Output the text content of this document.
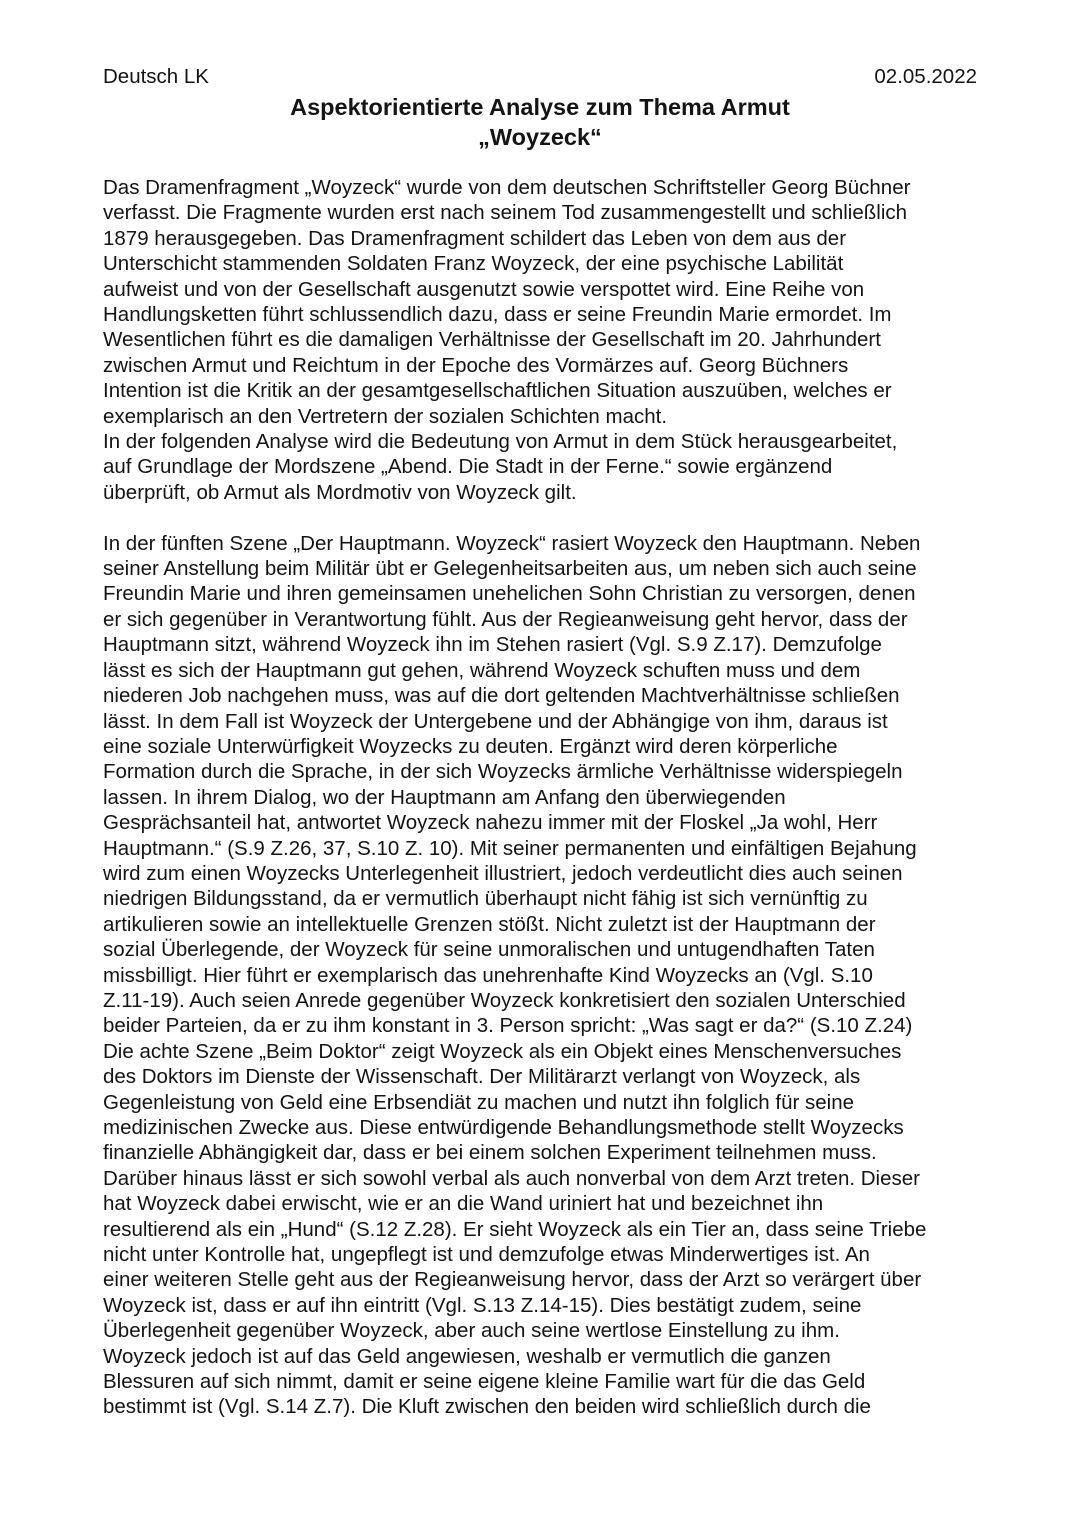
Deutsch LK	02.05.2022
Aspektorientierte Analyse zum Thema Armut
„Woyzeck“
Das Dramenfragment „Woyzeck“ wurde von dem deutschen Schriftsteller Georg Büchner
verfasst. Die Fragmente wurden erst nach seinem Tod zusammengestellt und schließlich
1879 herausgegeben. Das Dramenfragment schildert das Leben von dem aus der
Unterschicht stammenden Soldaten Franz Woyzeck, der eine psychische Labilität
aufweist und von der Gesellschaft ausgenutzt sowie verspottet wird. Eine Reihe von
Handlungsketten führt schlussendlich dazu, dass er seine Freundin Marie ermordet. Im
Wesentlichen führt es die damaligen Verhältnisse der Gesellschaft im 20. Jahrhundert
zwischen Armut und Reichtum in der Epoche des Vormärzes auf. Georg Büchners
Intention ist die Kritik an der gesamtgesellschaftlichen Situation auszuüben, welches er
exemplarisch an den Vertretern der sozialen Schichten macht.
In der folgenden Analyse wird die Bedeutung von Armut in dem Stück herausgearbeitet,
auf Grundlage der Mordszene „Abend. Die Stadt in der Ferne.“ sowie ergänzend
überprüft, ob Armut als Mordmotiv von Woyzeck gilt.
In der fünften Szene „Der Hauptmann. Woyzeck“ rasiert Woyzeck den Hauptmann. Neben
seiner Anstellung beim Militär übt er Gelegenheitsarbeiten aus, um neben sich auch seine
Freundin Marie und ihren gemeinsamen unehelichen Sohn Christian zu versorgen, denen
er sich gegenüber in Verantwortung fühlt. Aus der Regieanweisung geht hervor, dass der
Hauptmann sitzt, während Woyzeck ihn im Stehen rasiert (Vgl. S.9 Z.17). Demzufolge
lässt es sich der Hauptmann gut gehen, während Woyzeck schuften muss und dem
niederen Job nachgehen muss, was auf die dort geltenden Machtverhältnisse schließen
lässt. In dem Fall ist Woyzeck der Untergebene und der Abhängige von ihm, daraus ist
eine soziale Unterwürfigkeit Woyzecks zu deuten. Ergänzt wird deren körperliche
Formation durch die Sprache, in der sich Woyzecks ärmliche Verhältnisse widerspiegeln
lassen. In ihrem Dialog, wo der Hauptmann am Anfang den überwiegenden
Gesprächsanteil hat, antwortet Woyzeck nahezu immer mit der Floskel „Ja wohl, Herr
Hauptmann.“ (S.9 Z.26, 37, S.10 Z. 10). Mit seiner permanenten und einfältigen Bejahung
wird zum einen Woyzecks Unterlegenheit illustriert, jedoch verdeutlicht dies auch seinen
niedrigen Bildungsstand, da er vermutlich überhaupt nicht fähig ist sich vernünftig zu
artikulieren sowie an intellektuelle Grenzen stößt. Nicht zuletzt ist der Hauptmann der
sozial Überlegende, der Woyzeck für seine unmoralischen und untugendhaften Taten
missbilligt. Hier führt er exemplarisch das unehrenhafte Kind Woyzecks an (Vgl. S.10
Z.11-19). Auch seien Anrede gegenüber Woyzeck konkretisiert den sozialen Unterschied
beider Parteien, da er zu ihm konstant in 3. Person spricht: „Was sagt er da?“ (S.10 Z.24)
Die achte Szene „Beim Doktor“ zeigt Woyzeck als ein Objekt eines Menschenversuches
des Doktors im Dienste der Wissenschaft. Der Militärarzt verlangt von Woyzeck, als
Gegenleistung von Geld eine Erbsendiät zu machen und nutzt ihn folglich für seine
medizinischen Zwecke aus. Diese entwürdigende Behandlungsmethode stellt Woyzecks
finanzielle Abhängigkeit dar, dass er bei einem solchen Experiment teilnehmen muss.
Darüber hinaus lässt er sich sowohl verbal als auch nonverbal von dem Arzt treten. Dieser
hat Woyzeck dabei erwischt, wie er an die Wand uriniert hat und bezeichnet ihn
resultierend als ein „Hund“ (S.12 Z.28). Er sieht Woyzeck als ein Tier an, dass seine Triebe
nicht unter Kontrolle hat, ungepflegt ist und demzufolge etwas Minderwertiges ist. An
einer weiteren Stelle geht aus der Regieanweisung hervor, dass der Arzt so verärgert über
Woyzeck ist, dass er auf ihn eintritt (Vgl. S.13 Z.14-15). Dies bestätigt zudem, seine
Überlegenheit gegenüber Woyzeck, aber auch seine wertlose Einstellung zu ihm.
Woyzeck jedoch ist auf das Geld angewiesen, weshalb er vermutlich die ganzen
Blessuren auf sich nimmt, damit er seine eigene kleine Familie wart für die das Geld
bestimmt ist (Vgl. S.14 Z.7). Die Kluft zwischen den beiden wird schließlich durch die
